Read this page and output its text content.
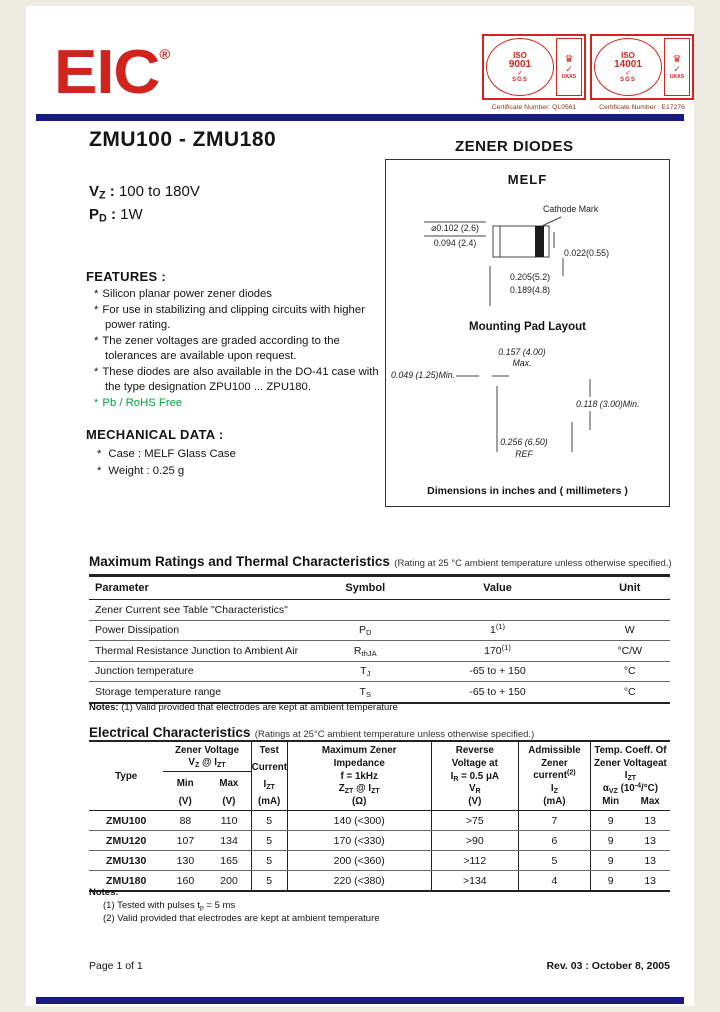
EIC®	ISO
9001
✓
SGS
♛
✓
UKAS
Certificate Number: QL0561
ISO
14001
✓
SGS
♛
✓
UKAS
Certificate Number : E17276
ZMU100 - ZMU180	ZENER DIODES
$V_Z$ : 100 to 180V
$P_D$ : 1W
FEATURES :
* Silicon planar power zener diodes
* For use in stabilizing and clipping circuits with higher power rating.
* The zener voltages are graded according to the tolerances are available upon request.
* These diodes are also available in the DO-41 case with the type designation ZPU100 ... ZPU180.
* Pb / RoHS Free
MECHANICAL DATA :
* Case : MELF Glass Case
* Weight : 0.25 g
MELF
Cathode Mark
⌀0.102 (2.6)
0.094 (2.4)
0.022(0.55)
0.205(5.2)
0.189(4.8)
Mounting Pad Layout
0.157 (4.00)
Max.
0.049 (1.25)Min.
0.118 (3.00)Min.
0.256 (6.50)
REF
Dimensions in inches and ( millimeters )
Maximum Ratings and Thermal Characteristics (Rating at 25 °C ambient temperature unless otherwise specified.)
Parameter	Symbol	Value	Unit
Zener Current see Table "Characteristics"
Power Dissipation	$P_D$	1$^{(1)}$	W
Thermal Resistance Junction to Ambient Air	$R_{thJA}$	170$^{(1)}$	°C/W
Junction temperature	$T_J$	-65 to + 150	°C
Storage temperature range	$T_S$	-65 to + 150	°C
Notes: (1) Valid provided that electrodes are kept at ambient temperature
Electrical Characteristics (Ratings at 25°C ambient temperature unless otherwise specified.)
Type
Zener Voltage
$V_Z$ @ $I_{ZT}$
Min	Max
(V)	(V)
Test
Current
$I_{ZT}$
(mA)
Maximum Zener
Impedance
f = 1kHz
$Z_{ZT}$ @ $I_{ZT}$
(Ω)
Reverse
Voltage at
$I_R = 0.5$ μA
$V_R$
(V)
Admissible
Zener current$^{(2)}$
$I_Z$
(mA)
Temp. Coeff. Of
Zener Voltageat $I_{ZT}$
$\alpha_{VZ}$ $(10^{-4}/^\circ C)$
Min	Max
ZMU100	88	110	5	140 (<300)	>75	7	9	13
ZMU120	107	134	5	170 (<330)	>90	6	9	13
ZMU130	130	165	5	200 (<360)	>112	5	9	13
ZMU180	160	200	5	220 (<380)	>134	4	9	13
Notes:
(1) Tested with pulses $t_p = 5$ ms
(2) Valid provided that electrodes are kept at ambient temperature
Page 1 of 1	Rev. 03 : October 8, 2005
